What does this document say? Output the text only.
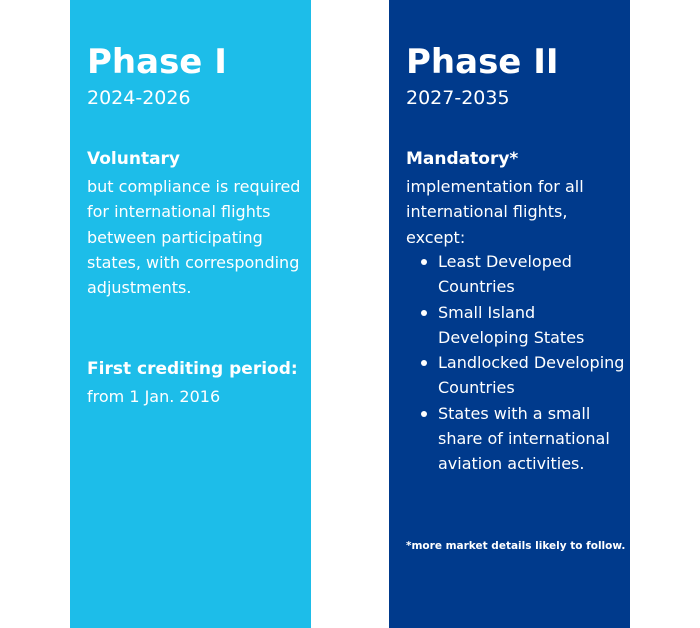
Phase I
2024-2026
Voluntary
but compliance is required for international flights between participating states, with corresponding adjustments.
First crediting period:
from 1 Jan. 2016
Phase II
2027-2035
Mandatory*
implementation for all international flights, except:
Least Developed Countries
Small Island Developing States
Landlocked Developing Countries
States with a small share of international aviation activities.
*more market details likely to follow.
